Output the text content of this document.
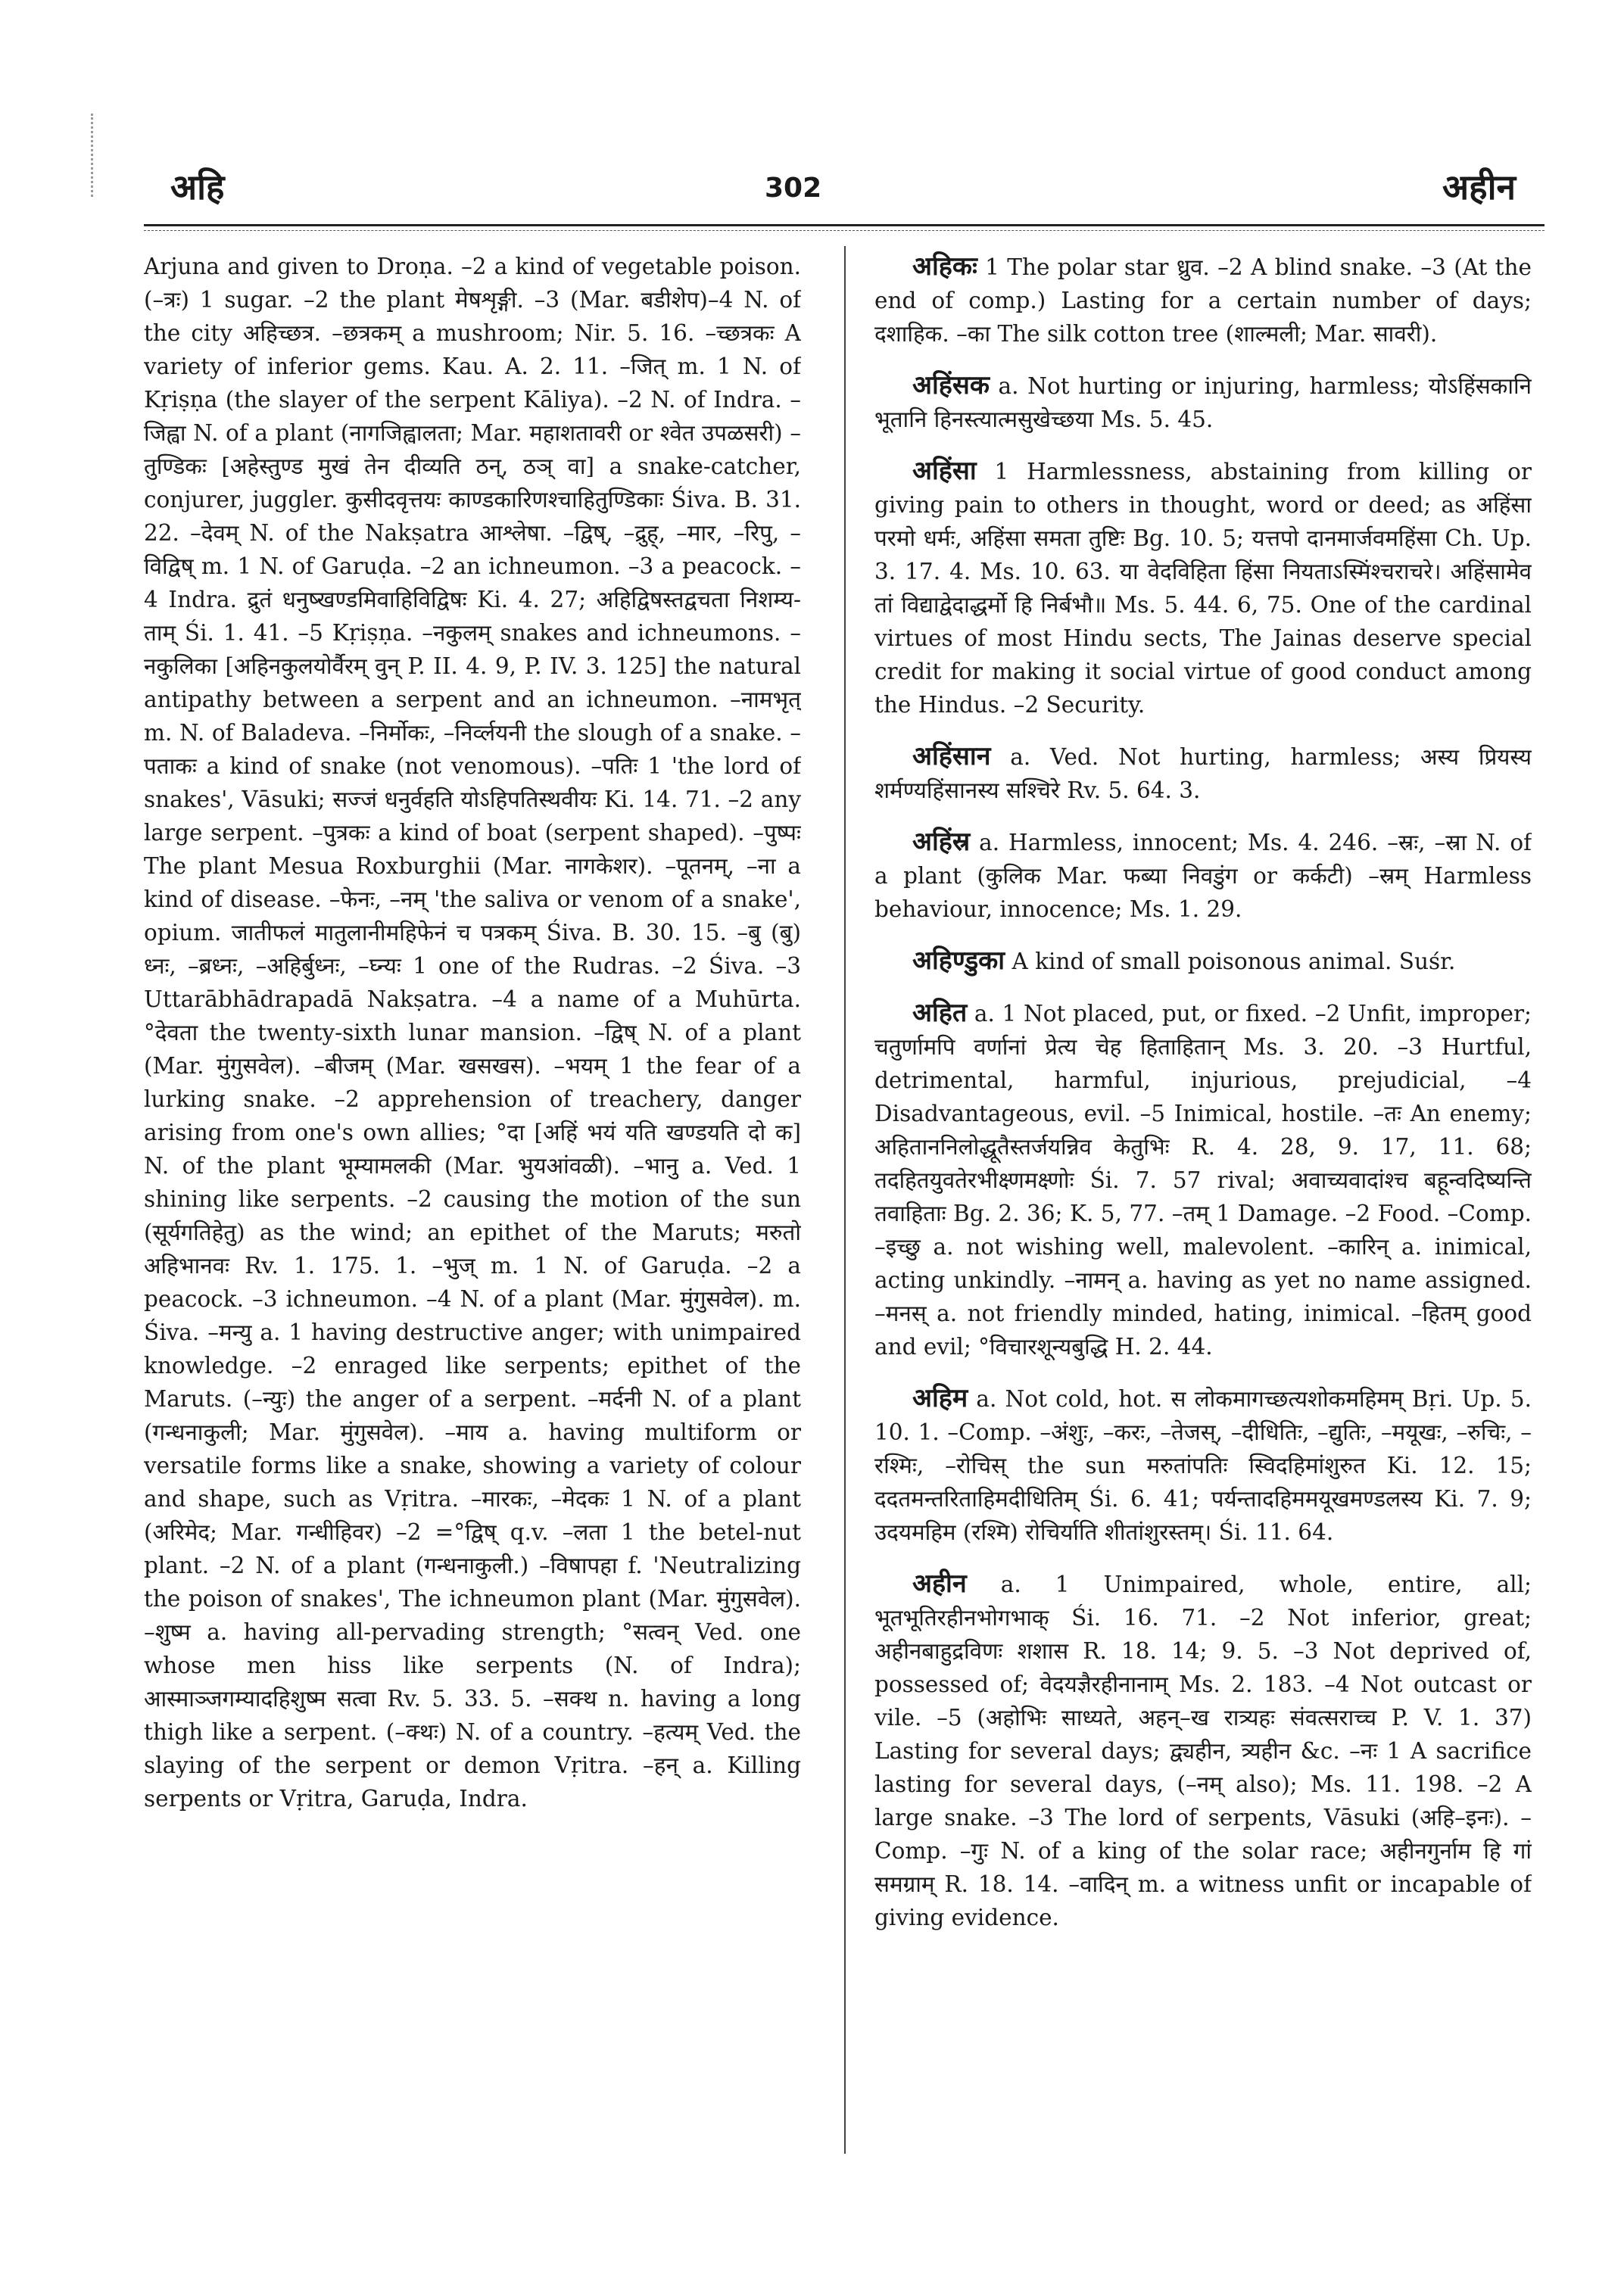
अहि	302	अहीन

Arjuna and given to Droṇa. –2 a kind of vegetable poison. (–त्रः) 1 sugar. –2 the plant मेषशृङ्गी. –3 (Mar. बडीशेप)–4 N. of the city अहिच्छत्र. –छत्रकम् a mushroom; Nir. 5. 16. –च्छत्रकः A variety of inferior gems. Kau. A. 2. 11. –जित् m. 1 N. of Kṛiṣṇa (the slayer of the serpent Kāliya). –2 N. of Indra. –जिह्वा N. of a plant (नागजिह्वालता; Mar. महाशतावरी or श्वेत उपळसरी) –तुण्डिकः [अहेस्तुण्ड मुखं तेन दीव्यति ठन्, ठञ् वा] a snake-catcher, conjurer, juggler. कुसीदवृत्तयः काण्डकारिणश्चाहितुण्डिकाः Śiva. B. 31. 22. –देवम् N. of the Nakṣatra आश्लेषा. –द्विष्, –द्रुह्, –मार, –रिपु, –विद्विष् m. 1 N. of Garuḍa. –2 an ichneumon. –3 a peacock. –4 Indra. द्रुतं धनुष्खण्डमिवाहिविद्विषः Ki. 4. 27; अहिद्विषस्तद्वचता निशम्य-ताम् Śi. 1. 41. –5 Kṛiṣṇa. –नकुलम् snakes and ichneumons. –नकुलिका [अहिनकुलयोर्वैरम् वुन् P. II. 4. 9, P. IV. 3. 125] the natural antipathy between a serpent and an ichneumon. –नामभृत् m. N. of Baladeva. –निर्मोकः, –निर्व्लयनी the slough of a snake. –पताकः a kind of snake (not venomous). –पतिः 1 'the lord of snakes', Vāsuki; सज्जं धनुर्वहति योऽहिपतिस्थवीयः Ki. 14. 71. –2 any large serpent. –पुत्रकः a kind of boat (serpent shaped). –पुष्पः The plant Mesua Roxburghii (Mar. नागकेशर). –पूतनम्, –ना a kind of disease. –फेनः, –नम् 'the saliva or venom of a snake', opium. जातीफलं मातुलानीमहिफेनं च पत्रकम् Śiva. B. 30. 15. –बु (बु) ध्नः, –ब्रध्नः, –अहिर्बुध्नः, –घ्न्यः 1 one of the Rudras. –2 Śiva. –3 Uttarābhādrapadā Nakṣatra. –4 a name of a Muhūrta. °देवता the twenty-sixth lunar mansion. –द्विष् N. of a plant (Mar. मुंगुसवेल). –बीजम् (Mar. खसखस). –भयम् 1 the fear of a lurking snake. –2 apprehension of treachery, danger arising from one's own allies; °दा [अहिं भयं यति खण्डयति दो क] N. of the plant भूम्यामलकी (Mar. भुयआंवळी). –भानु a. Ved. 1 shining like serpents. –2 causing the motion of the sun (सूर्यगतिहेतु) as the wind; an epithet of the Maruts; मरुतो अहिभानवः Rv. 1. 175. 1. –भुज् m. 1 N. of Garuḍa. –2 a peacock. –3 ichneumon. –4 N. of a plant (Mar. मुंगुसवेल). m. Śiva. –मन्यु a. 1 having destructive anger; with unimpaired knowledge. –2 enraged like serpents; epithet of the Maruts. (–न्युः) the anger of a serpent. –मर्दनी N. of a plant (गन्धनाकुली; Mar. मुंगुसवेल). –माय a. having multiform or versatile forms like a snake, showing a variety of colour and shape, such as Vṛitra. –मारकः, –मेदकः 1 N. of a plant (अरिमेद; Mar. गन्धीहिवर) –2 =°द्विष् q.v. –लता 1 the betel-nut plant. –2 N. of a plant (गन्धनाकुली.) –विषापहा f. 'Neutralizing the poison of snakes', The ichneumon plant (Mar. मुंगुसवेल). –शुष्म a. having all-pervading strength; °सत्वन् Ved. one whose men hiss like serpents (N. of Indra); आस्माञ्जगम्यादहिशुष्म सत्वा Rv. 5. 33. 5. –सक्थ n. having a long thigh like a serpent. (–क्थः) N. of a country. –हत्यम् Ved. the slaying of the serpent or demon Vṛitra. –हन् a. Killing serpents or Vṛitra, Garuḍa, Indra.

अहिकः 1 The polar star ध्रुव. –2 A blind snake. –3 (At the end of comp.) Lasting for a certain number of days; दशाहिक. –का The silk cotton tree (शाल्मली; Mar. सावरी).

अहिंसक a. Not hurting or injuring, harmless; योऽहिंसकानि भूतानि हिनस्त्यात्मसुखेच्छया Ms. 5. 45.

अहिंसा 1 Harmlessness, abstaining from killing or giving pain to others in thought, word or deed; as अहिंसा परमो धर्मः, अहिंसा समता तुष्टिः Bg. 10. 5; यत्तपो दानमार्जवमहिंसा Ch. Up. 3. 17. 4. Ms. 10. 63. या वेदविहिता हिंसा नियताऽस्मिंश्चराचरे। अहिंसामेव तां विद्याद्वेदाद्धर्मो हि निर्बभौ॥ Ms. 5. 44. 6, 75. One of the cardinal virtues of most Hindu sects, The Jainas deserve special credit for making it social virtue of good conduct among the Hindus. –2 Security.

अहिंसान a. Ved. Not hurting, harmless; अस्य प्रियस्य शर्मण्यहिंसानस्य सश्चिरे Rv. 5. 64. 3.

अहिंस्र a. Harmless, innocent; Ms. 4. 246. –स्रः, –स्रा N. of a plant (कुलिक Mar. फब्या निवडुंग or कर्कटी) –स्रम् Harmless behaviour, innocence; Ms. 1. 29.

अहिण्डुका A kind of small poisonous animal. Suśr.

अहित a. 1 Not placed, put, or fixed. –2 Unfit, improper; चतुर्णामपि वर्णानां प्रेत्य चेह हिताहितान् Ms. 3. 20. –3 Hurtful, detrimental, harmful, injurious, prejudicial, –4 Disadvantageous, evil. –5 Inimical, hostile. –तः An enemy; अहिताननिलोद्धूतैस्तर्जयन्निव केतुभिः R. 4. 28, 9. 17, 11. 68; तदहितयुवतेरभीक्ष्णमक्ष्णोः Śi. 7. 57 rival; अवाच्यवादांश्च बहून्वदिष्यन्ति तवाहिताः Bg. 2. 36; K. 5, 77. –तम् 1 Damage. –2 Food. –Comp. –इच्छु a. not wishing well, malevolent. –कारिन् a. inimical, acting unkindly. –नामन् a. having as yet no name assigned. –मनस् a. not friendly minded, hating, inimical. –हितम् good and evil; °विचारशून्यबुद्धि H. 2. 44.

अहिम a. Not cold, hot. स लोकमागच्छत्यशोकमहिमम् Bṛi. Up. 5. 10. 1. –Comp. –अंशुः, –करः, –तेजस्, –दीधितिः, –द्युतिः, –मयूखः, –रुचिः, –रश्मिः, –रोचिस् the sun मरुतांपतिः स्विदहिमांशुरुत Ki. 12. 15; ददतमन्तरिताहिमदीधितिम् Śi. 6. 41; पर्यन्तादहिममयूखमण्डलस्य Ki. 7. 9; उदयमहिम (रश्मि) रोचिर्याति शीतांशुरस्तम्। Śi. 11. 64.

अहीन a. 1 Unimpaired, whole, entire, all; भूतभूतिरहीनभोगभाक् Śi. 16. 71. –2 Not inferior, great; अहीनबाहुद्रविणः शशास R. 18. 14; 9. 5. –3 Not deprived of, possessed of; वेदयज्ञैरहीनानाम् Ms. 2. 183. –4 Not outcast or vile. –5 (अहोभिः साध्यते, अहन्–ख रात्र्यहः संवत्सराच्च P. V. 1. 37) Lasting for several days; द्व्यहीन, त्र्यहीन &c. –नः 1 A sacrifice lasting for several days, (–नम् also); Ms. 11. 198. –2 A large snake. –3 The lord of serpents, Vāsuki (अहि–इनः). –Comp. –गुः N. of a king of the solar race; अहीनगुर्नाम हि गां समग्राम् R. 18. 14. –वादिन् m. a witness unfit or incapable of giving evidence.
